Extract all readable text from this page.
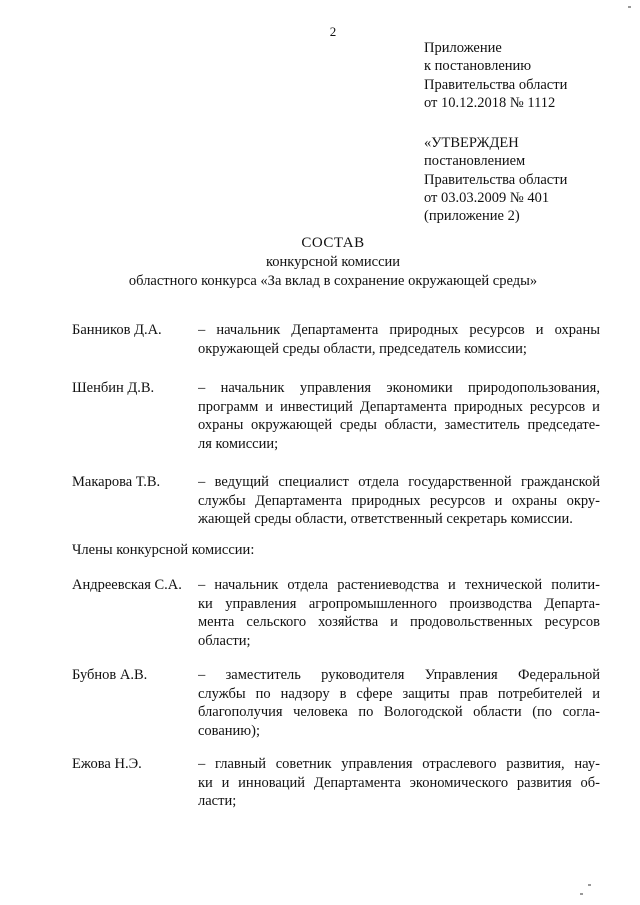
2
Приложение
к постановлению
Правительства области
от 10.12.2018 № 1112
«УТВЕРЖДЕН
постановлением
Правительства области
от 03.03.2009 № 401
(приложение 2)
СОСТАВ
конкурсной комиссии
областного конкурса «За вклад в сохранение окружающей среды»
Банников Д.А.	– начальник Департамента природных ресурсов и охраны
окружающей среды области, председатель комиссии;
Шенбин Д.В.	– начальник управления экономики природопользования,
программ и инвестиций Департамента природных ресурсов и
охраны окружающей среды области, заместитель председате-
ля комиссии;
Макарова Т.В.	– ведущий специалист отдела государственной гражданской
службы Департамента природных ресурсов и охраны окру-
жающей среды области, ответственный секретарь комиссии.
Члены конкурсной комиссии:
Андреевская С.А. – начальник отдела растениеводства и технической полити-
ки управления агропромышленного производства Департа-
мента сельского хозяйства и продовольственных ресурсов
области;
Бубнов А.В.	– заместитель руководителя Управления Федеральной
службы по надзору в сфере защиты прав потребителей и
благополучия человека по Вологодской области (по согла-
сованию);
Ежова Н.Э.	– главный советник управления отраслевого развития, нау-
ки и инноваций Департамента экономического развития об-
ласти;
